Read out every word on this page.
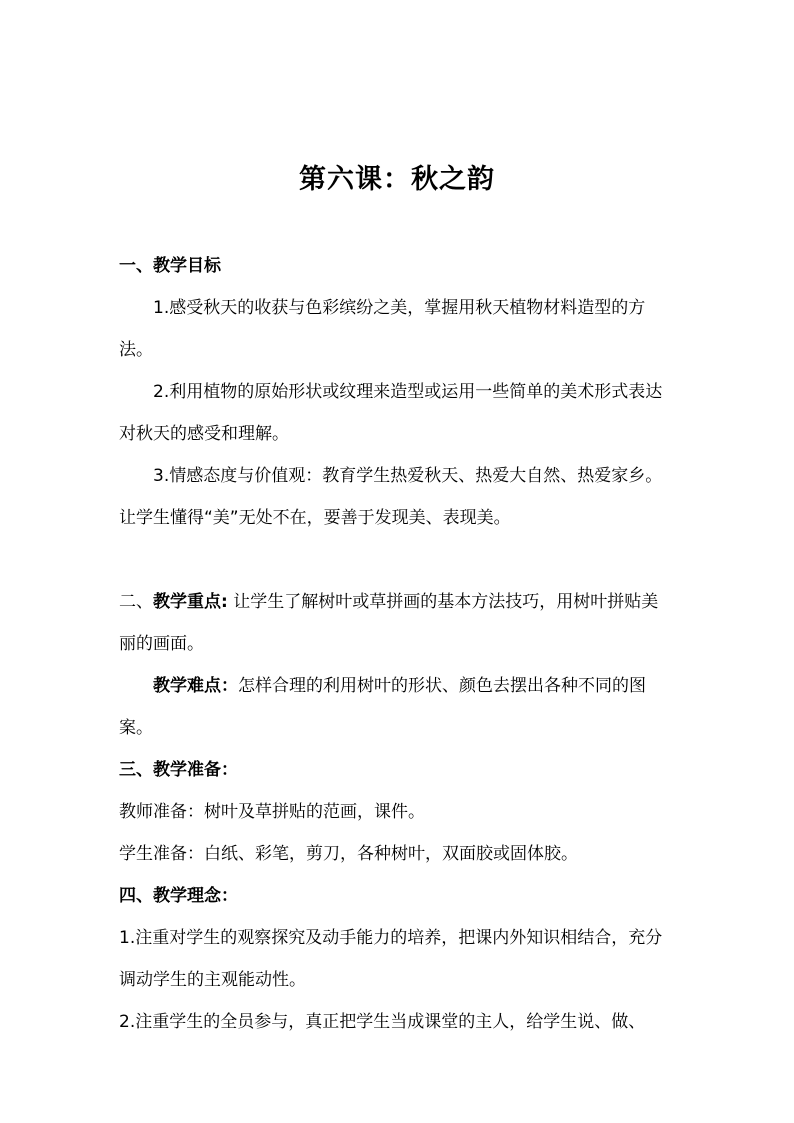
第六课：秋之韵

一、教学目标

1.感受秋天的收获与色彩缤纷之美，掌握用秋天植物材料造型的方法。

2.利用植物的原始形状或纹理来造型或运用一些简单的美术形式表达对秋天的感受和理解。

3.情感态度与价值观：教育学生热爱秋天、热爱大自然、热爱家乡。让学生懂得“美”无处不在，要善于发现美、表现美。

二、教学重点: 让学生了解树叶或草拼画的基本方法技巧，用树叶拼贴美丽的画面。

教学难点：怎样合理的利用树叶的形状、颜色去摆出各种不同的图案。

三、教学准备：

教师准备：树叶及草拼贴的范画，课件。

学生准备：白纸、彩笔，剪刀，各种树叶，双面胶或固体胶。

四、教学理念：

1.注重对学生的观察探究及动手能力的培养，把课内外知识相结合，充分调动学生的主观能动性。

2.注重学生的全员参与，真正把学生当成课堂的主人，给学生说、做、
